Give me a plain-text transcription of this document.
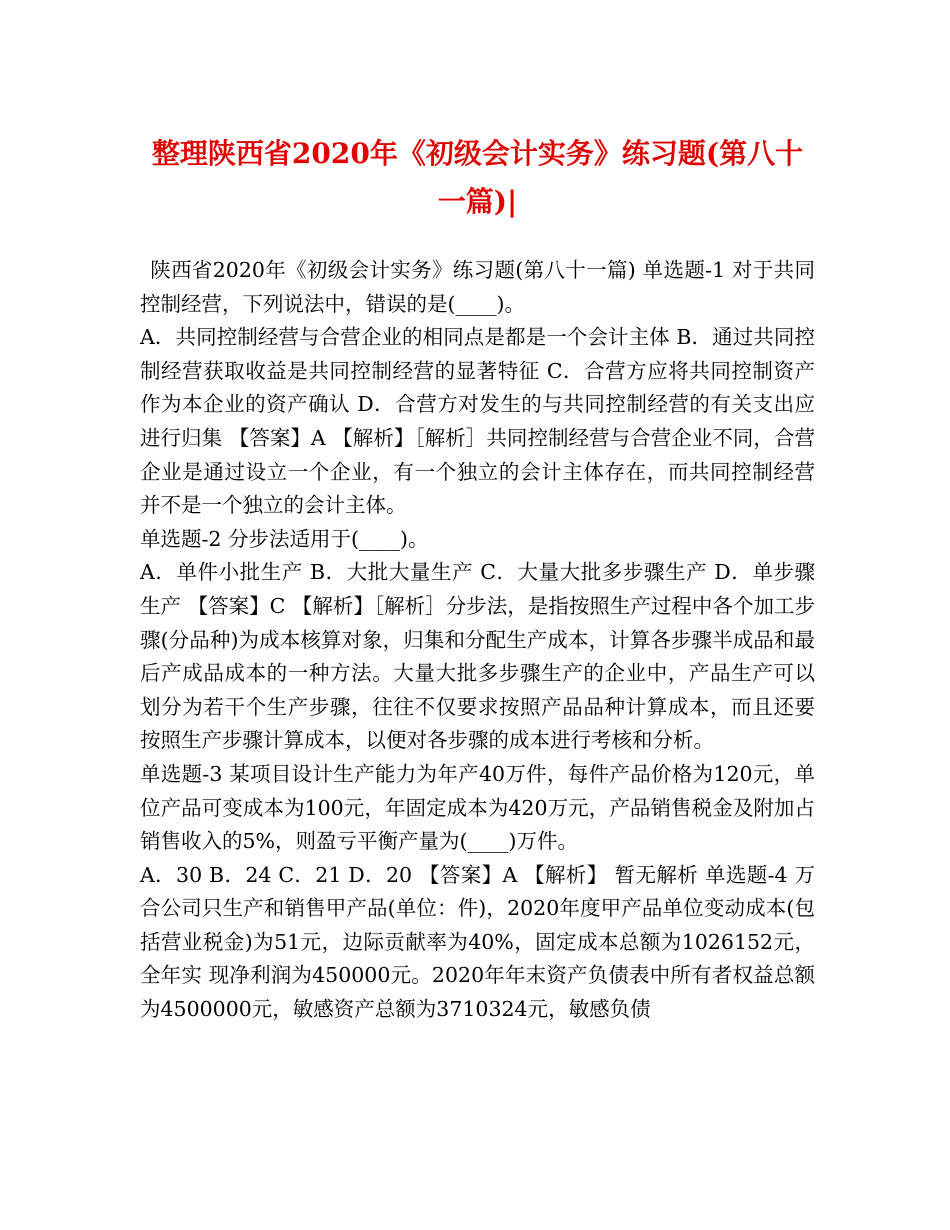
整理陕西省2020年《初级会计实务》练习题(第八十一篇)|

陕西省2020年《初级会计实务》练习题(第八十一篇) 单选题-1 对于共同控制经营，下列说法中，错误的是(____)。

A．共同控制经营与合营企业的相同点是都是一个会计主体 B．通过共同控制经营获取收益是共同控制经营的显著特征 C．合营方应将共同控制资产作为本企业的资产确认 D．合营方对发生的与共同控制经营的有关支出应进行归集 【答案】A 【解析】［解析］共同控制经营与合营企业不同，合营企业是通过设立一个企业，有一个独立的会计主体存在，而共同控制经营并不是一个独立的会计主体。

单选题-2 分步法适用于(____)。

A．单件小批生产 B．大批大量生产 C．大量大批多步骤生产 D．单步骤生产 【答案】C 【解析】［解析］分步法，是指按照生产过程中各个加工步骤(分品种)为成本核算对象，归集和分配生产成本，计算各步骤半成品和最后产成品成本的一种方法。大量大批多步骤生产的企业中，产品生产可以划分为若干个生产步骤，往往不仅要求按照产品品种计算成本，而且还要按照生产步骤计算成本，以便对各步骤的成本进行考核和分析。

单选题-3 某项目设计生产能力为年产40万件，每件产品价格为120元，单位产品可变成本为100元，年固定成本为420万元，产品销售税金及附加占销售收入的5%，则盈亏平衡产量为(____)万件。

A．30 B．24 C．21 D．20 【答案】A 【解析】 暂无解析 单选题-4 万合公司只生产和销售甲产品(单位：件)，2020年度甲产品单位变动成本(包括营业税金)为51元，边际贡献率为40%，固定成本总额为1026152元，全年实 现净利润为450000元。2020年年末资产负债表中所有者权益总额为4500000元，敏感资产总额为3710324元，敏感负债
